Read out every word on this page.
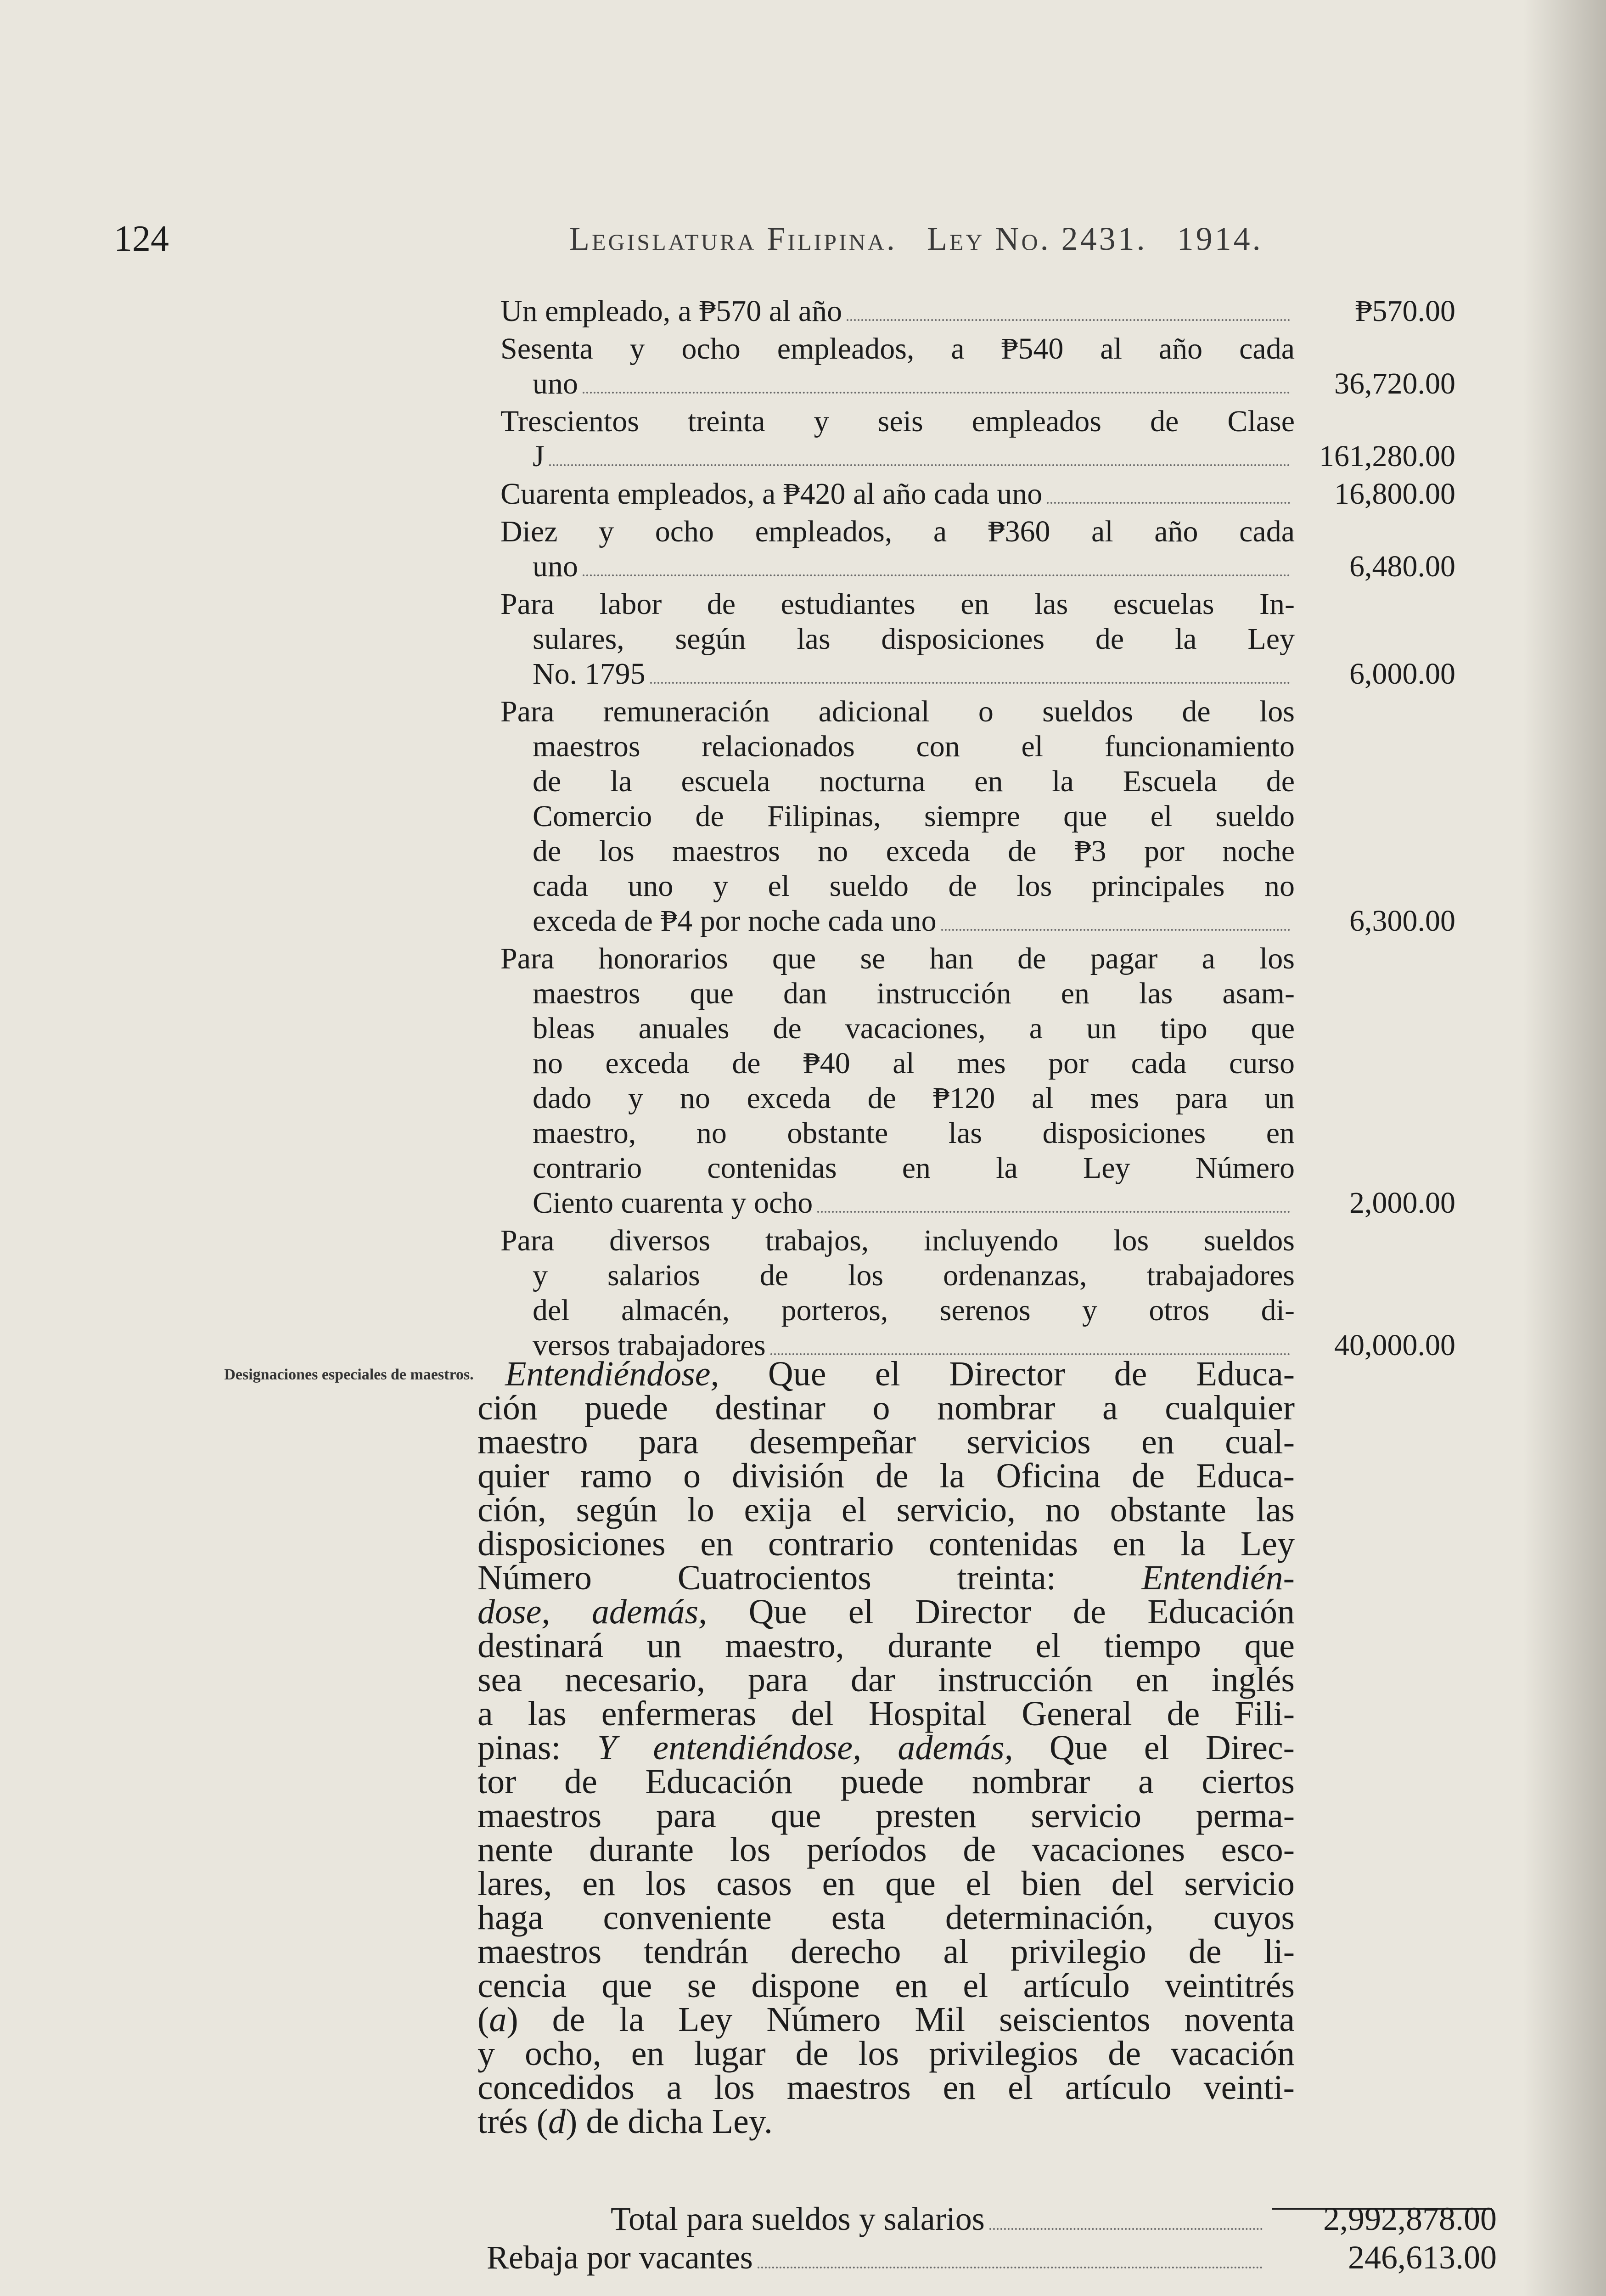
124	Legislatura Filipina. Ley No. 2431. 1914.
Un empleado, a ₱570 al año	₱570.00
Sesenta y ocho empleados, a ₱540 al año cada
uno	36,720.00
Trescientos treinta y seis empleados de Clase
J	161,280.00
Cuarenta empleados, a ₱420 al año cada uno	16,800.00
Diez y ocho empleados, a ₱360 al año cada
uno	6,480.00
Para labor de estudiantes en las escuelas In-
sulares, según las disposiciones de la Ley
No. 1795	6,000.00
Para remuneración adicional o sueldos de los
maestros relacionados con el funcionamiento
de la escuela nocturna en la Escuela de
Comercio de Filipinas, siempre que el sueldo
de los maestros no exceda de ₱3 por noche
cada uno y el sueldo de los principales no
exceda de ₱4 por noche cada uno	6,300.00
Para honorarios que se han de pagar a los
maestros que dan instrucción en las asam-
bleas anuales de vacaciones, a un tipo que
no exceda de ₱40 al mes por cada curso
dado y no exceda de ₱120 al mes para un
maestro, no obstante las disposiciones en
contrario contenidas en la Ley Número
Ciento cuarenta y ocho	2,000.00
Para diversos trabajos, incluyendo los sueldos
y salarios de los ordenanzas, trabajadores
del almacén, porteros, serenos y otros di-
versos trabajadores	40,000.00
Designaciones especiales de maestros. Entendiéndose, Que el Director de Educa-
ción puede destinar o nombrar a cualquier
maestro para desempeñar servicios en cual-
quier ramo o división de la Oficina de Educa-
ción, según lo exija el servicio, no obstante las
disposiciones en contrario contenidas en la Ley
Número Cuatrocientos treinta: Entendién-
dose, además, Que el Director de Educación
destinará un maestro, durante el tiempo que
sea necesario, para dar instrucción en inglés
a las enfermeras del Hospital General de Fili-
pinas: Y entendiéndose, además, Que el Direc-
tor de Educación puede nombrar a ciertos
maestros para que presten servicio perma-
nente durante los períodos de vacaciones esco-
lares, en los casos en que el bien del servicio
haga conveniente esta determinación, cuyos
maestros tendrán derecho al privilegio de li-
cencia que se dispone en el artículo veintitrés
(a) de la Ley Número Mil seiscientos noventa
y ocho, en lugar de los privilegios de vacación
concedidos a los maestros en el artículo veinti-
trés (d) de dicha Ley.
Total para sueldos y salarios	2,992,878.00
Rebaja por vacantes	246,613.00
